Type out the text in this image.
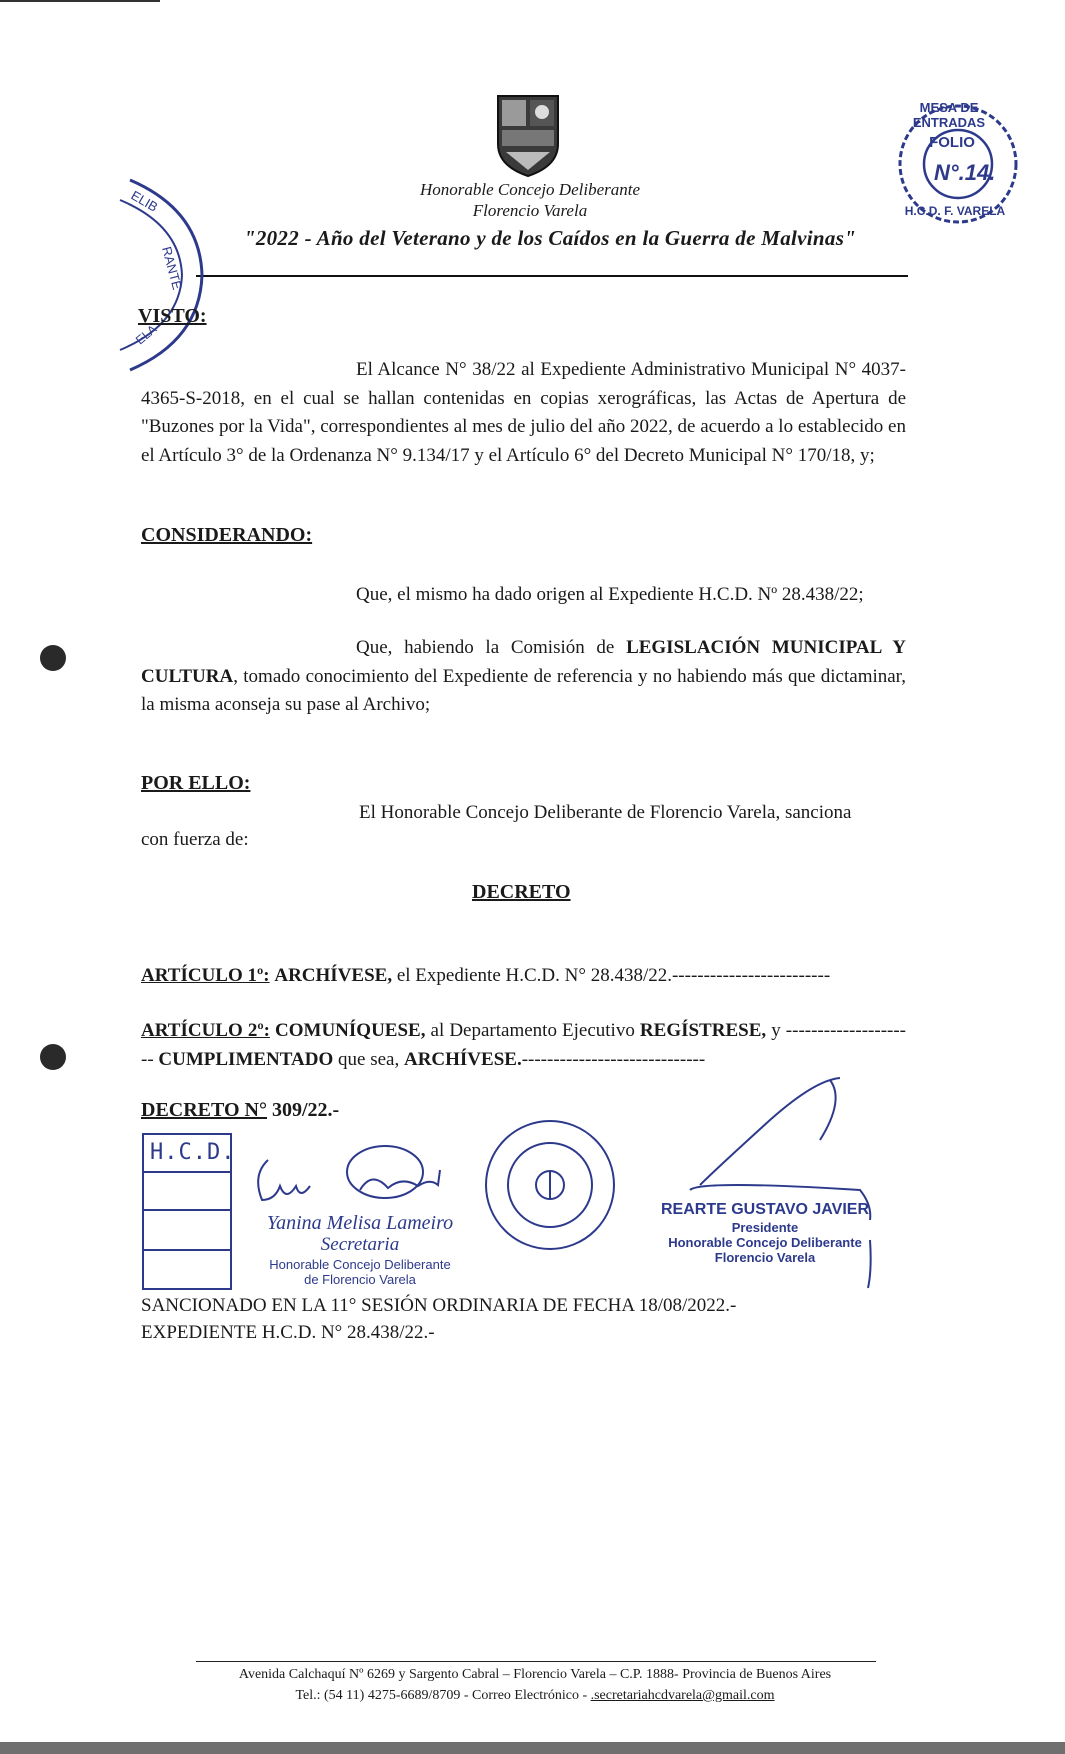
Honorable Concejo Deliberante
Florencio Varela
"2022 - Año del Veterano y de los Caídos en la Guerra de Malvinas"
ELIB
RANTE
ELA
MESA DE ENTRADAS
FOLIO
N°.14.
H.C.D. F. VARELA
VISTO:
El Alcance N° 38/22 al Expediente Administrativo Municipal N° 4037-4365-S-2018, en el cual se hallan contenidas en copias xerográficas, las Actas de Apertura de "Buzones por la Vida", correspondientes al mes de julio del año 2022, de acuerdo a lo establecido en el Artículo 3° de la Ordenanza N° 9.134/17 y el Artículo 6° del Decreto Municipal N° 170/18, y;
CONSIDERANDO:
Que, el mismo ha dado origen al Expediente H.C.D. Nº 28.438/22;
Que, habiendo la Comisión de LEGISLACIÓN MUNICIPAL Y CULTURA, tomado conocimiento del Expediente de referencia y no habiendo más que dictaminar, la misma aconseja su pase al Archivo;
POR ELLO:
El Honorable Concejo Deliberante de Florencio Varela, sanciona
con fuerza de:
DECRETO
ARTÍCULO 1º: ARCHÍVESE, el Expediente H.C.D. N° 28.438/22.-------------------------
ARTÍCULO 2º: COMUNÍQUESE, al Departamento Ejecutivo REGÍSTRESE, y --------------------- CUMPLIMENTADO que sea, ARCHÍVESE.-----------------------------
DECRETO N° 309/22.-
H.C.D.
Yanina Melisa Lameiro
Secretaria
Honorable Concejo Deliberante
de Florencio Varela
REARTE GUSTAVO JAVIER
Presidente
Honorable Concejo Deliberante
Florencio Varela
SANCIONADO EN LA 11° SESIÓN ORDINARIA DE FECHA 18/08/2022.-
EXPEDIENTE H.C.D. N° 28.438/22.-
Avenida Calchaquí Nº 6269 y Sargento Cabral – Florencio Varela – C.P. 1888- Provincia de Buenos Aires
Tel.: (54 11) 4275-6689/8709 - Correo Electrónico - .secretariahcdvarela@gmail.com
